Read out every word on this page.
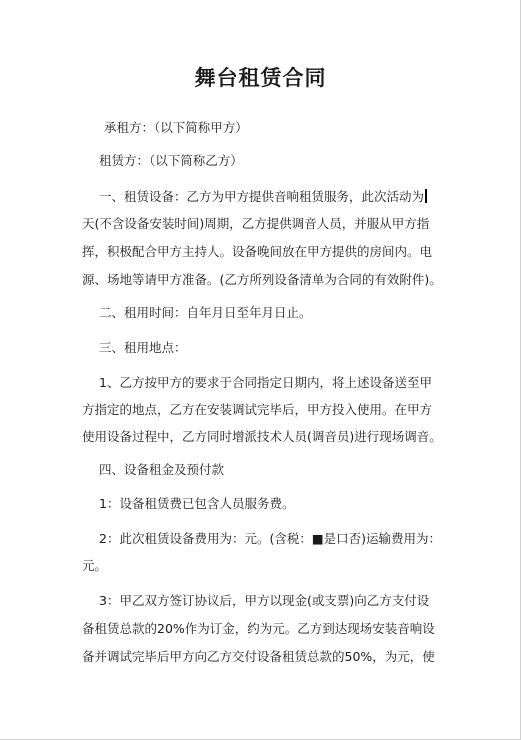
舞台租赁合同
承租方：（以下简称甲方）
租赁方：（以下简称乙方）
一、租赁设备：乙方为甲方提供音响租赁服务，此次活动为
天(不含设备安装时间)周期，乙方提供调音人员，并服从甲方指
挥，积极配合甲方主持人。设备晚间放在甲方提供的房间内。电
源、场地等请甲方准备。(乙方所列设备清单为合同的有效附件)。
二、租用时间：自年月日至年月日止。
三、租用地点：
1、乙方按甲方的要求于合同指定日期内，将上述设备送至甲
方指定的地点，乙方在安装调试完毕后，甲方投入使用。在甲方
使用设备过程中，乙方同时增派技术人员(调音员)进行现场调音。
四、设备租金及预付款
1：设备租赁费已包含人员服务费。
2：此次租赁设备费用为：元。(含税：■是口否)运输费用为：
元。
3：甲乙双方签订协议后，甲方以现金(或支票)向乙方支付设
备租赁总款的20%作为订金，约为元。乙方到达现场安装音响设
备并调试完毕后甲方向乙方交付设备租赁总款的50%，为元，使
